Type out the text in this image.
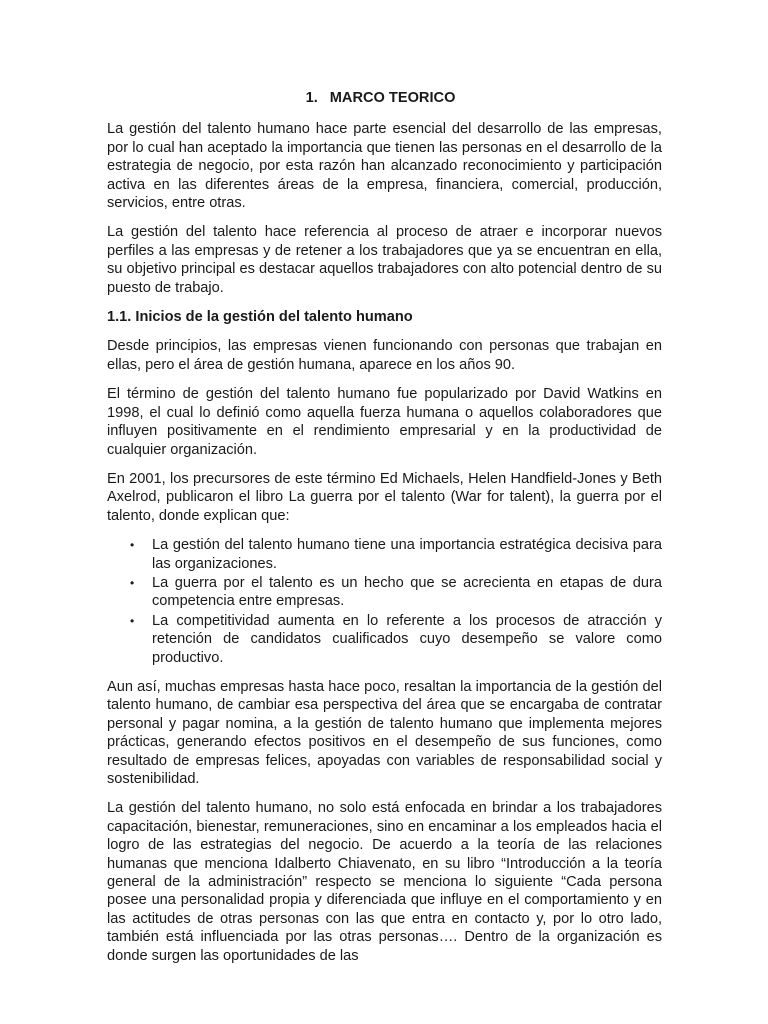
1. MARCO TEORICO

La gestión del talento humano hace parte esencial del desarrollo de las empresas, por lo cual han aceptado la importancia que tienen las personas en el desarrollo de la estrategia de negocio, por esta razón han alcanzado reconocimiento y participación activa en las diferentes áreas de la empresa, financiera, comercial, producción, servicios, entre otras.

La gestión del talento hace referencia al proceso de atraer e incorporar nuevos perfiles a las empresas y de retener a los trabajadores que ya se encuentran en ella, su objetivo principal es destacar aquellos trabajadores con alto potencial dentro de su puesto de trabajo.

1.1. Inicios de la gestión del talento humano

Desde principios, las empresas vienen funcionando con personas que trabajan en ellas, pero el área de gestión humana, aparece en los años 90.

El término de gestión del talento humano fue popularizado por David Watkins en 1998, el cual lo definió como aquella fuerza humana o aquellos colaboradores que influyen positivamente en el rendimiento empresarial y en la productividad de cualquier organización.

En 2001, los precursores de este término Ed Michaels, Helen Handfield-Jones y Beth Axelrod, publicaron el libro La guerra por el talento (War for talent), la guerra por el talento, donde explican que:

• La gestión del talento humano tiene una importancia estratégica decisiva para las organizaciones.
• La guerra por el talento es un hecho que se acrecienta en etapas de dura competencia entre empresas.
• La competitividad aumenta en lo referente a los procesos de atracción y retención de candidatos cualificados cuyo desempeño se valore como productivo.

Aun así, muchas empresas hasta hace poco, resaltan la importancia de la gestión del talento humano, de cambiar esa perspectiva del área que se encargaba de contratar personal y pagar nomina, a la gestión de talento humano que implementa mejores prácticas, generando efectos positivos en el desempeño de sus funciones, como resultado de empresas felices, apoyadas con variables de responsabilidad social y sostenibilidad.

La gestión del talento humano, no solo está enfocada en brindar a los trabajadores capacitación, bienestar, remuneraciones, sino en encaminar a los empleados hacia el logro de las estrategias del negocio. De acuerdo a la teoría de las relaciones humanas que menciona Idalberto Chiavenato, en su libro “Introducción a la teoría general de la administración” respecto se menciona lo siguiente “Cada persona posee una personalidad propia y diferenciada que influye en el comportamiento y en las actitudes de otras personas con las que entra en contacto y, por lo otro lado, también está influenciada por las otras personas…. Dentro de la organización es donde surgen las oportunidades de las
